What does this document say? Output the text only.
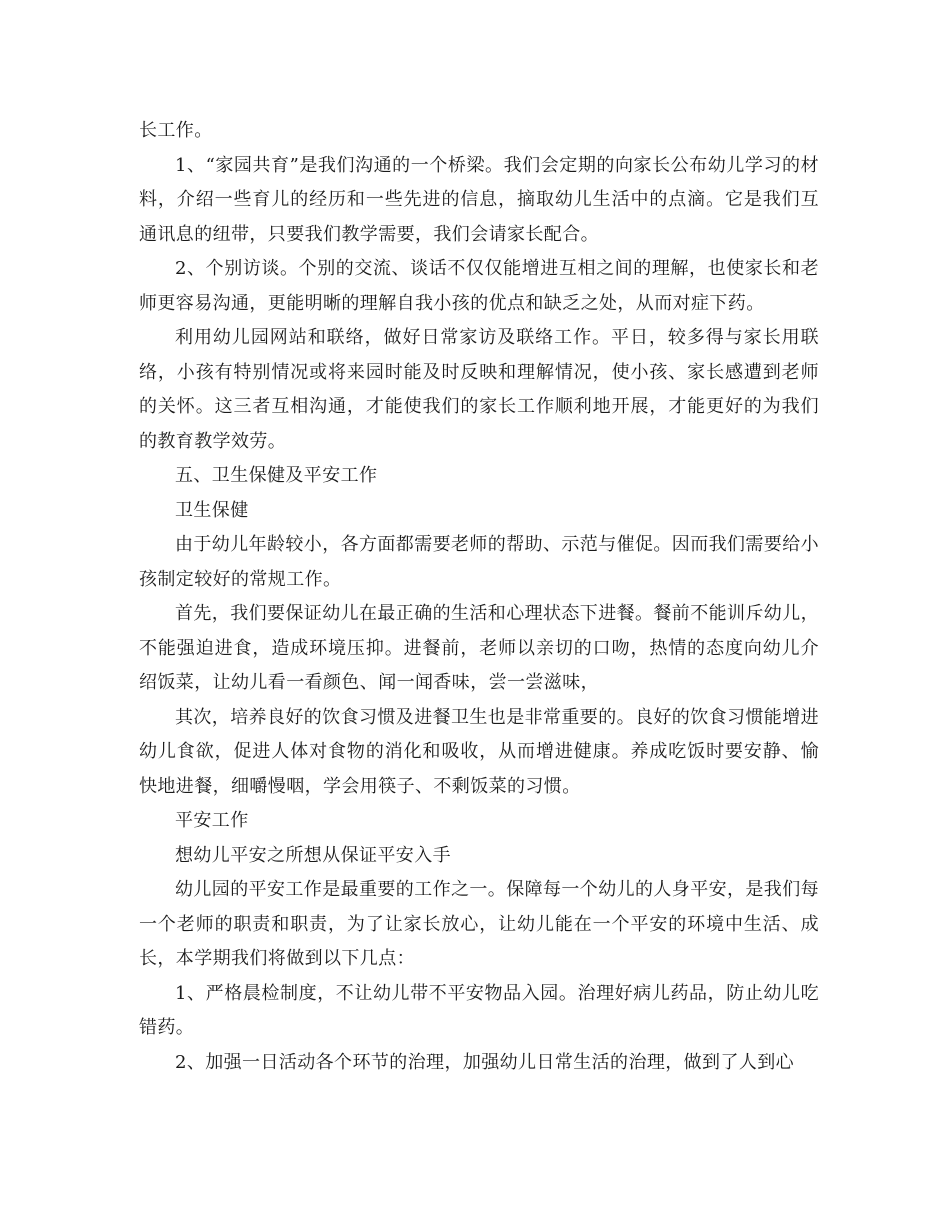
长工作。

1、“家园共育”是我们沟通的一个桥梁。我们会定期的向家长公布幼儿学习的材料，介绍一些育儿的经历和一些先进的信息，摘取幼儿生活中的点滴。它是我们互通讯息的纽带，只要我们教学需要，我们会请家长配合。

2、个别访谈。个别的交流、谈话不仅仅能增进互相之间的理解，也使家长和老师更容易沟通，更能明晰的理解自我小孩的优点和缺乏之处，从而对症下药。

利用幼儿园网站和联络，做好日常家访及联络工作。平日，较多得与家长用联络，小孩有特别情况或将来园时能及时反映和理解情况，使小孩、家长感遭到老师的关怀。这三者互相沟通，才能使我们的家长工作顺利地开展，才能更好的为我们的教育教学效劳。

五、卫生保健及平安工作

卫生保健

由于幼儿年龄较小，各方面都需要老师的帮助、示范与催促。因而我们需要给小孩制定较好的常规工作。

首先，我们要保证幼儿在最正确的生活和心理状态下进餐。餐前不能训斥幼儿，不能强迫进食，造成环境压抑。进餐前，老师以亲切的口吻，热情的态度向幼儿介绍饭菜，让幼儿看一看颜色、闻一闻香味，尝一尝滋味，

其次，培养良好的饮食习惯及进餐卫生也是非常重要的。良好的饮食习惯能增进幼儿食欲，促进人体对食物的消化和吸收，从而增进健康。养成吃饭时要安静、愉快地进餐，细嚼慢咽，学会用筷子、不剩饭菜的习惯。

平安工作

想幼儿平安之所想从保证平安入手

幼儿园的平安工作是最重要的工作之一。保障每一个幼儿的人身平安，是我们每一个老师的职责和职责，为了让家长放心，让幼儿能在一个平安的环境中生活、成长，本学期我们将做到以下几点：

1、严格晨检制度，不让幼儿带不平安物品入园。治理好病儿药品，防止幼儿吃错药。

2、加强一日活动各个环节的治理，加强幼儿日常生活的治理，做到了人到心
